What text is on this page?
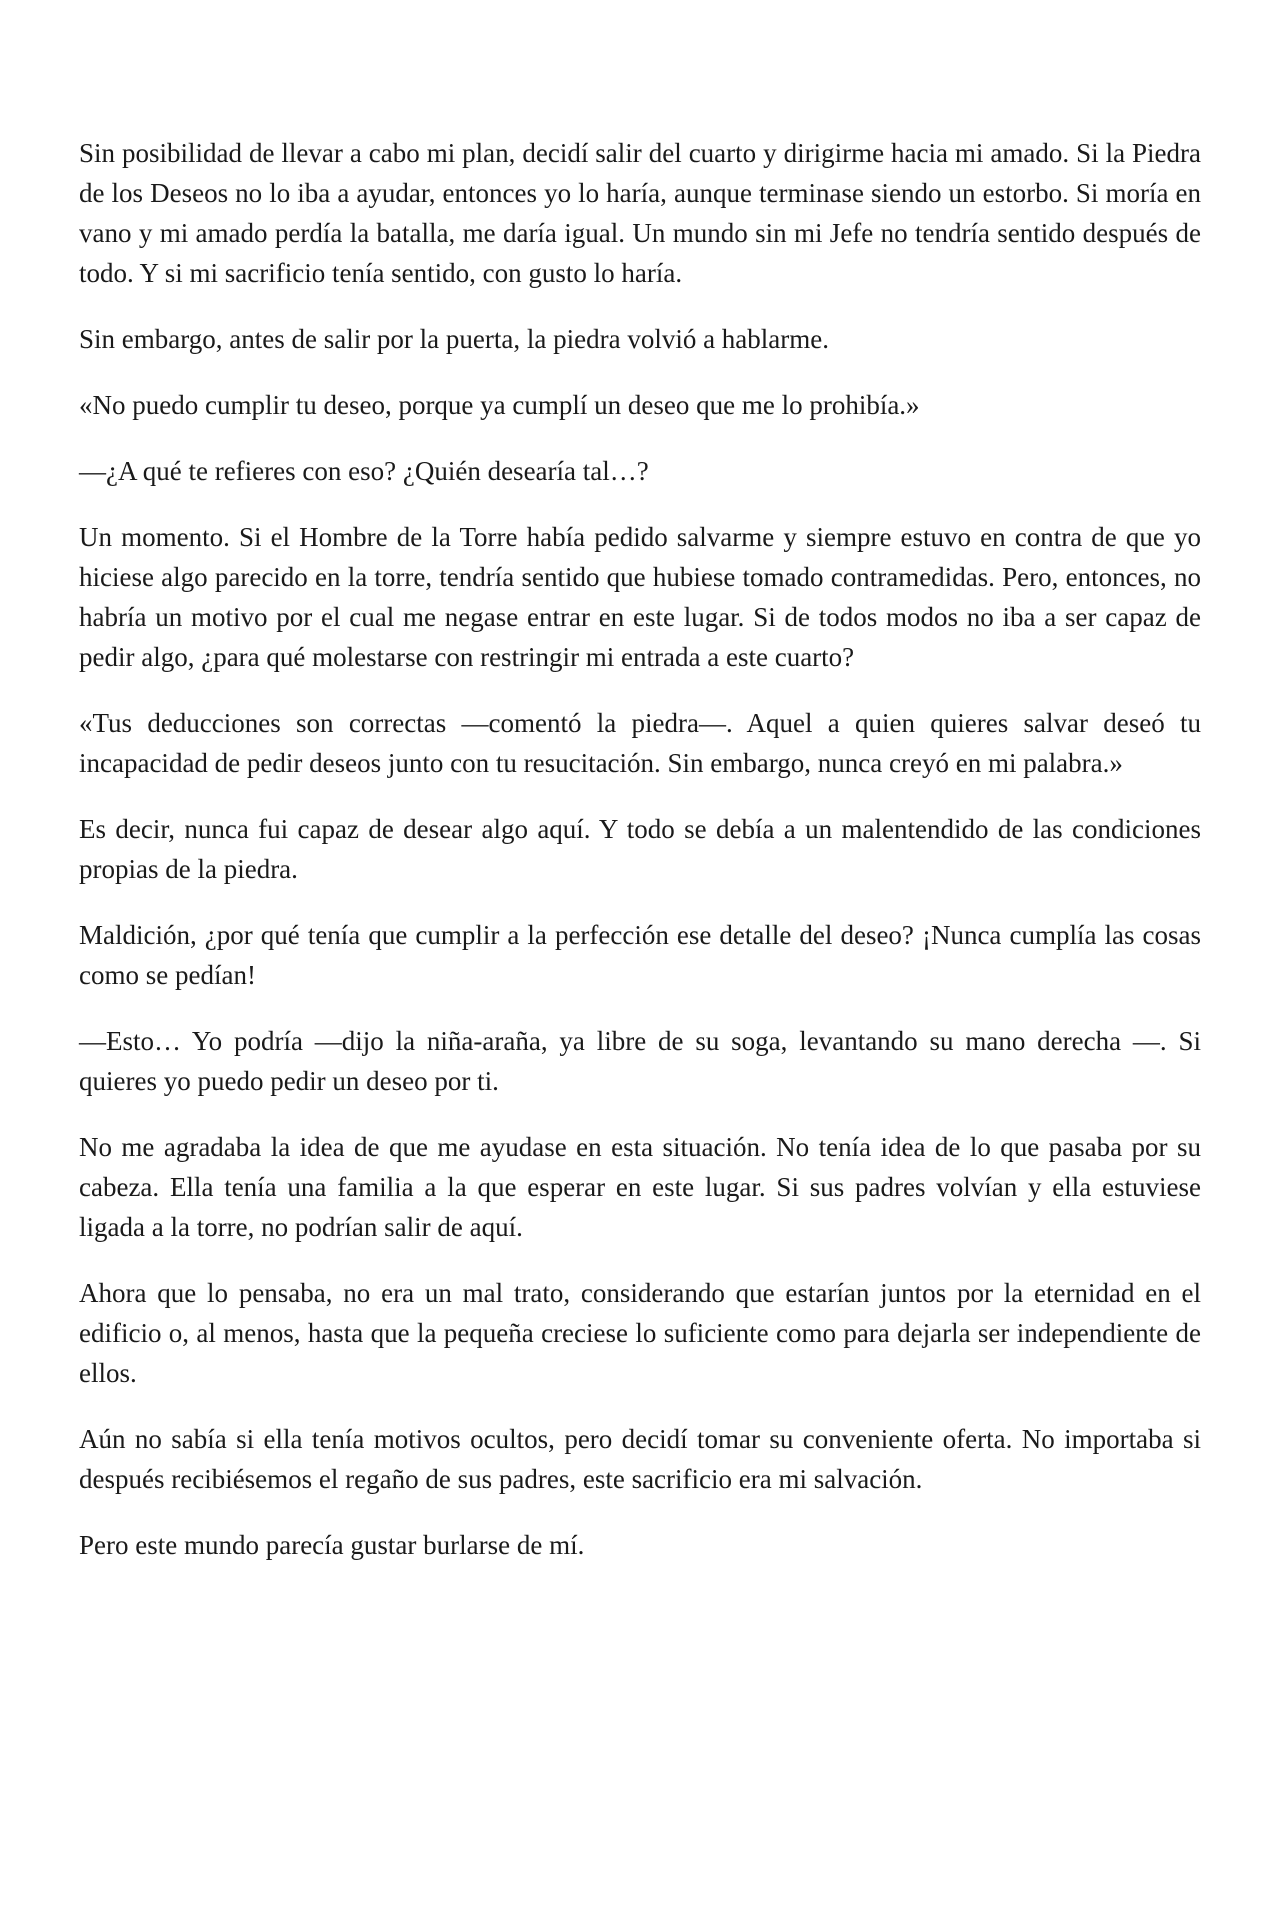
Sin posibilidad de llevar a cabo mi plan, decidí salir del cuarto y dirigirme hacia mi amado. Si la Piedra de los Deseos no lo iba a ayudar, entonces yo lo haría, aunque terminase siendo un estorbo. Si moría en vano y mi amado perdía la batalla, me daría igual. Un mundo sin mi Jefe no tendría sentido después de todo. Y si mi sacrificio tenía sentido, con gusto lo haría.

Sin embargo, antes de salir por la puerta, la piedra volvió a hablarme.

«No puedo cumplir tu deseo, porque ya cumplí un deseo que me lo prohibía.»

—¿A qué te refieres con eso? ¿Quién desearía tal…?

Un momento. Si el Hombre de la Torre había pedido salvarme y siempre estuvo en contra de que yo hiciese algo parecido en la torre, tendría sentido que hubiese tomado contramedidas. Pero, entonces, no habría un motivo por el cual me negase entrar en este lugar. Si de todos modos no iba a ser capaz de pedir algo, ¿para qué molestarse con restringir mi entrada a este cuarto?

«Tus deducciones son correctas —comentó la piedra—. Aquel a quien quieres salvar deseó tu incapacidad de pedir deseos junto con tu resucitación. Sin embargo, nunca creyó en mi palabra.»

Es decir, nunca fui capaz de desear algo aquí. Y todo se debía a un malentendido de las condiciones propias de la piedra.

Maldición, ¿por qué tenía que cumplir a la perfección ese detalle del deseo? ¡Nunca cumplía las cosas como se pedían!

—Esto… Yo podría —dijo la niña-araña, ya libre de su soga, levantando su mano derecha —. Si quieres yo puedo pedir un deseo por ti.

No me agradaba la idea de que me ayudase en esta situación. No tenía idea de lo que pasaba por su cabeza. Ella tenía una familia a la que esperar en este lugar. Si sus padres volvían y ella estuviese ligada a la torre, no podrían salir de aquí.

Ahora que lo pensaba, no era un mal trato, considerando que estarían juntos por la eternidad en el edificio o, al menos, hasta que la pequeña creciese lo suficiente como para dejarla ser independiente de ellos.

Aún no sabía si ella tenía motivos ocultos, pero decidí tomar su conveniente oferta. No importaba si después recibiésemos el regaño de sus padres, este sacrificio era mi salvación.

Pero este mundo parecía gustar burlarse de mí.
